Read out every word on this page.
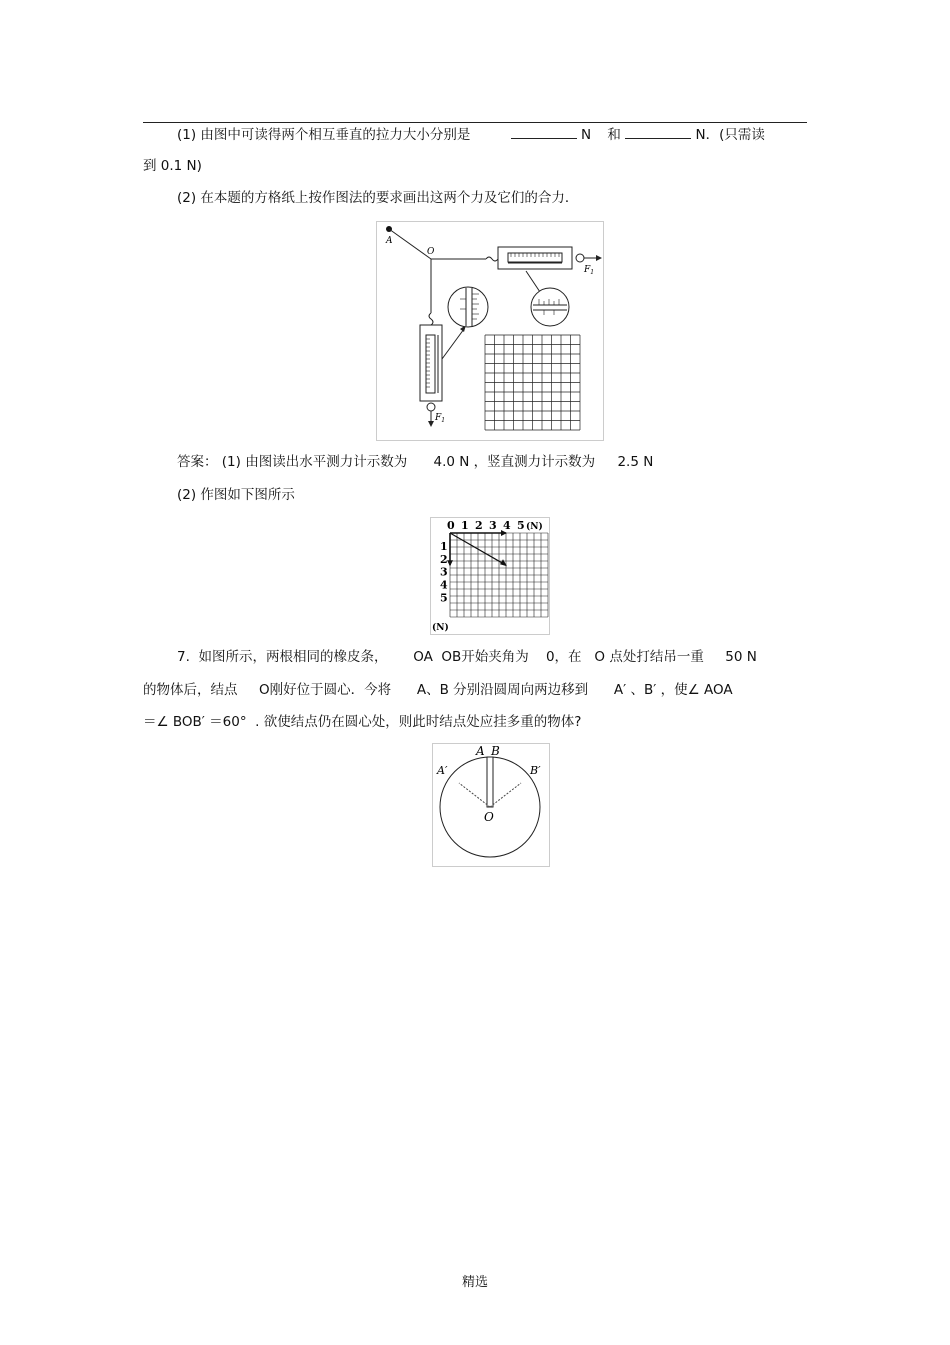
(1) 由图中可读得两个相互垂直的拉力大小分别是	N 和	N．(只需读
到 0.1 N)
(2) 在本题的方格纸上按作图法的要求画出这两个力及它们的合力．
A
O
$F_1$
$F_1$
答案： (1) 由图读出水平测力计示数为 4.0 N ，竖直测力计示数为 2.5 N
(2) 作图如下图所示
0 1 2 3 4 5 (N)
1
2
3
4
5
(N)
7.  如图所示，两根相同的橡皮条，      OA  OB开始夹角为    0，在   O 点处打结吊一重     50 N
的物体后，结点     O刚好位于圆心．今将      A、B 分别沿圆周向两边移到      A′ 、B′ ，使∠ AOA
＝∠ BOB′ ＝60°  . 欲使结点仍在圆心处，则此时结点处应挂多重的物体?
A B
A′	B′
O
精选
